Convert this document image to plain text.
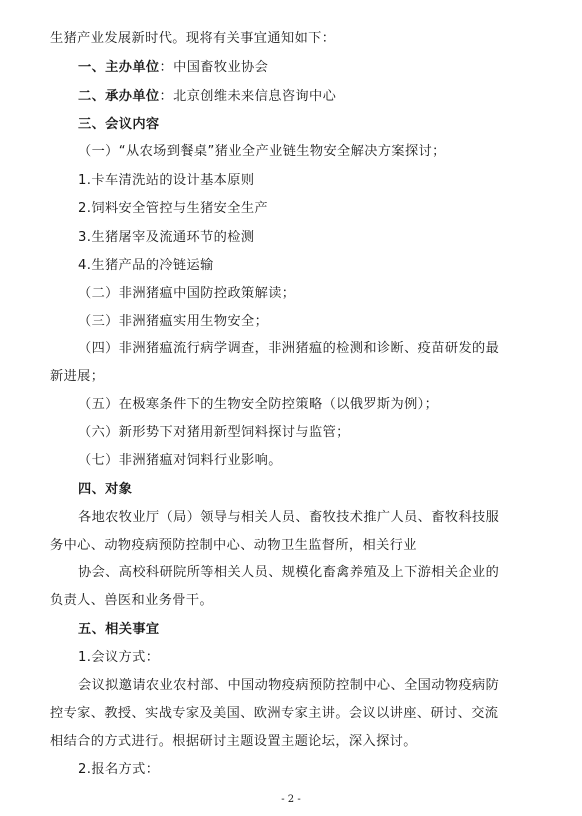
生猪产业发展新时代。现将有关事宜通知如下：
一、主办单位：中国畜牧业协会
二、承办单位：北京创维未来信息咨询中心
三、会议内容
（一）“从农场到餐桌”猪业全产业链生物安全解决方案探讨；
1.卡车清洗站的设计基本原则
2.饲料安全管控与生猪安全生产
3.生猪屠宰及流通环节的检测
4.生猪产品的冷链运输
（二）非洲猪瘟中国防控政策解读；
（三）非洲猪瘟实用生物安全；
（四）非洲猪瘟流行病学调查，非洲猪瘟的检测和诊断、疫苗研发的最
新进展；
（五）在极寒条件下的生物安全防控策略（以俄罗斯为例）；
（六）新形势下对猪用新型饲料探讨与监管；
（七）非洲猪瘟对饲料行业影响。
四、对象
各地农牧业厅（局）领导与相关人员、畜牧技术推广人员、畜牧科技服
务中心、动物疫病预防控制中心、动物卫生监督所，相关行业
协会、高校科研院所等相关人员、规模化畜禽养殖及上下游相关企业的
负责人、兽医和业务骨干。
五、相关事宜
1.会议方式：
会议拟邀请农业农村部、中国动物疫病预防控制中心、全国动物疫病防
控专家、教授、实战专家及美国、欧洲专家主讲。会议以讲座、研讨、交流
相结合的方式进行。根据研讨主题设置主题论坛，深入探讨。
2.报名方式：
- 2 -
